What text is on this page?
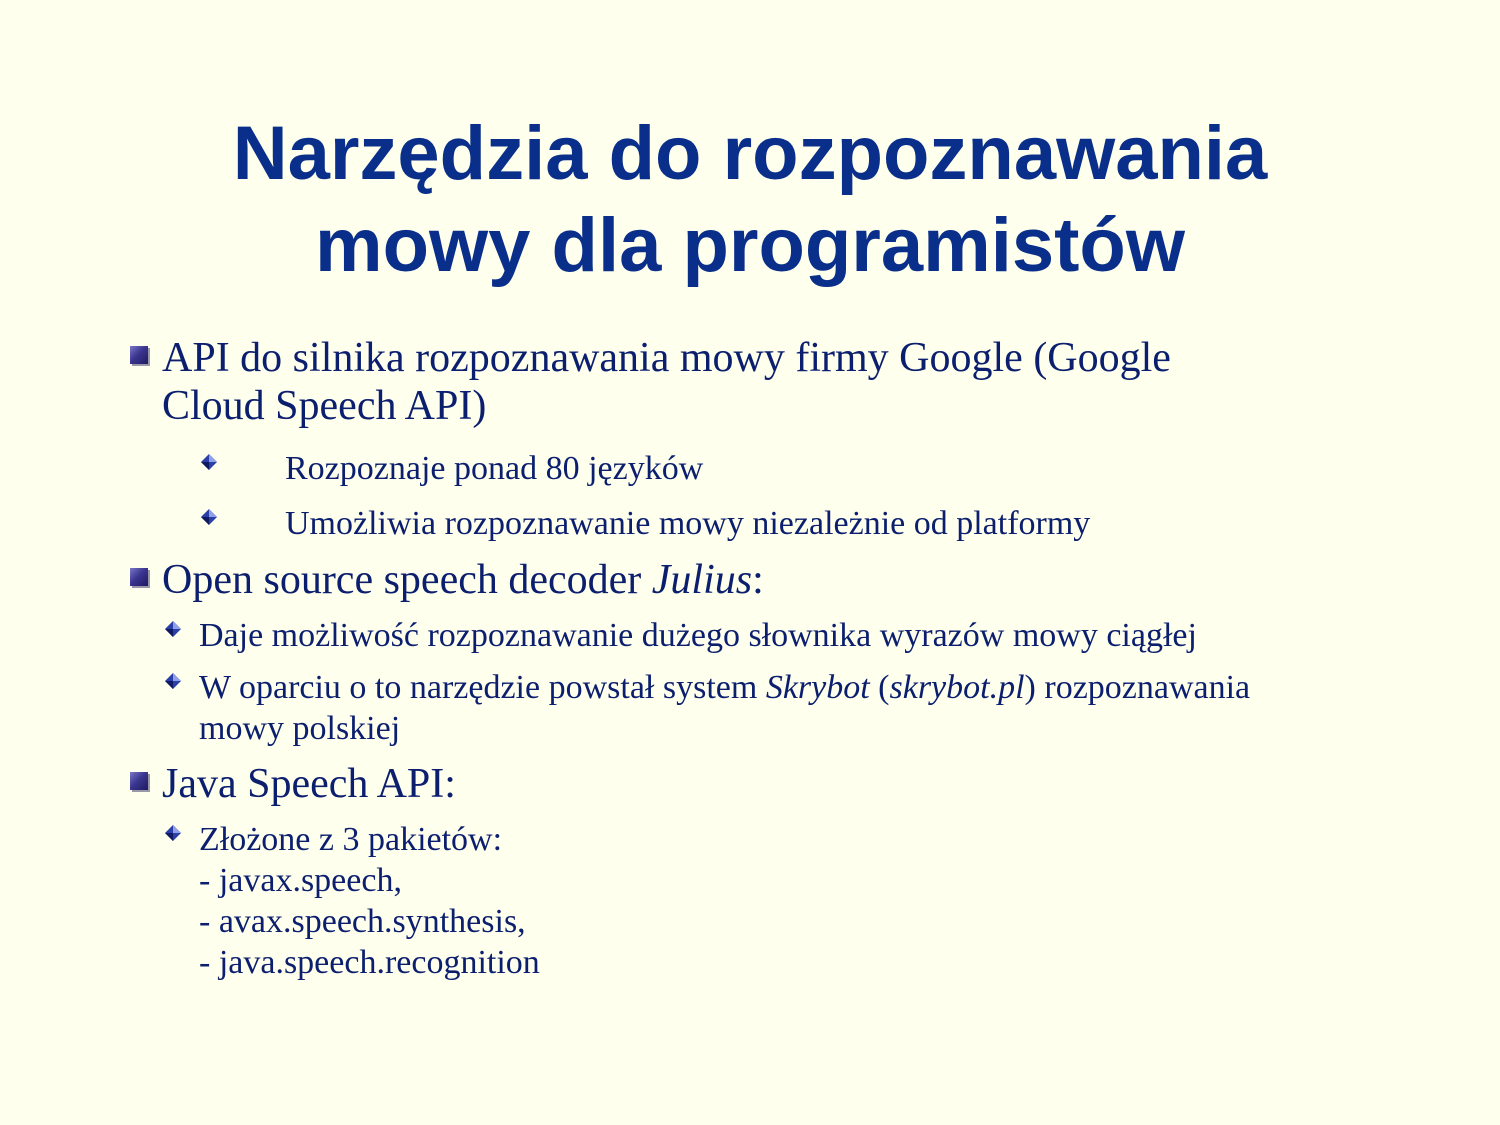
Narzędzia do rozpoznawania
mowy dla programistów
API do silnika rozpoznawania mowy firmy Google (Google
Cloud Speech API)
Rozpoznaje ponad 80 języków
Umożliwia rozpoznawanie mowy niezależnie od platformy
Open source speech decoder Julius:
Daje możliwość rozpoznawanie dużego słownika wyrazów mowy ciągłej
W oparciu o to narzędzie powstał system Skrybot (skrybot.pl) rozpoznawania
mowy polskiej
Java Speech API:
Złożone z 3 pakietów:
- javax.speech,
- avax.speech.synthesis,
- java.speech.recognition
